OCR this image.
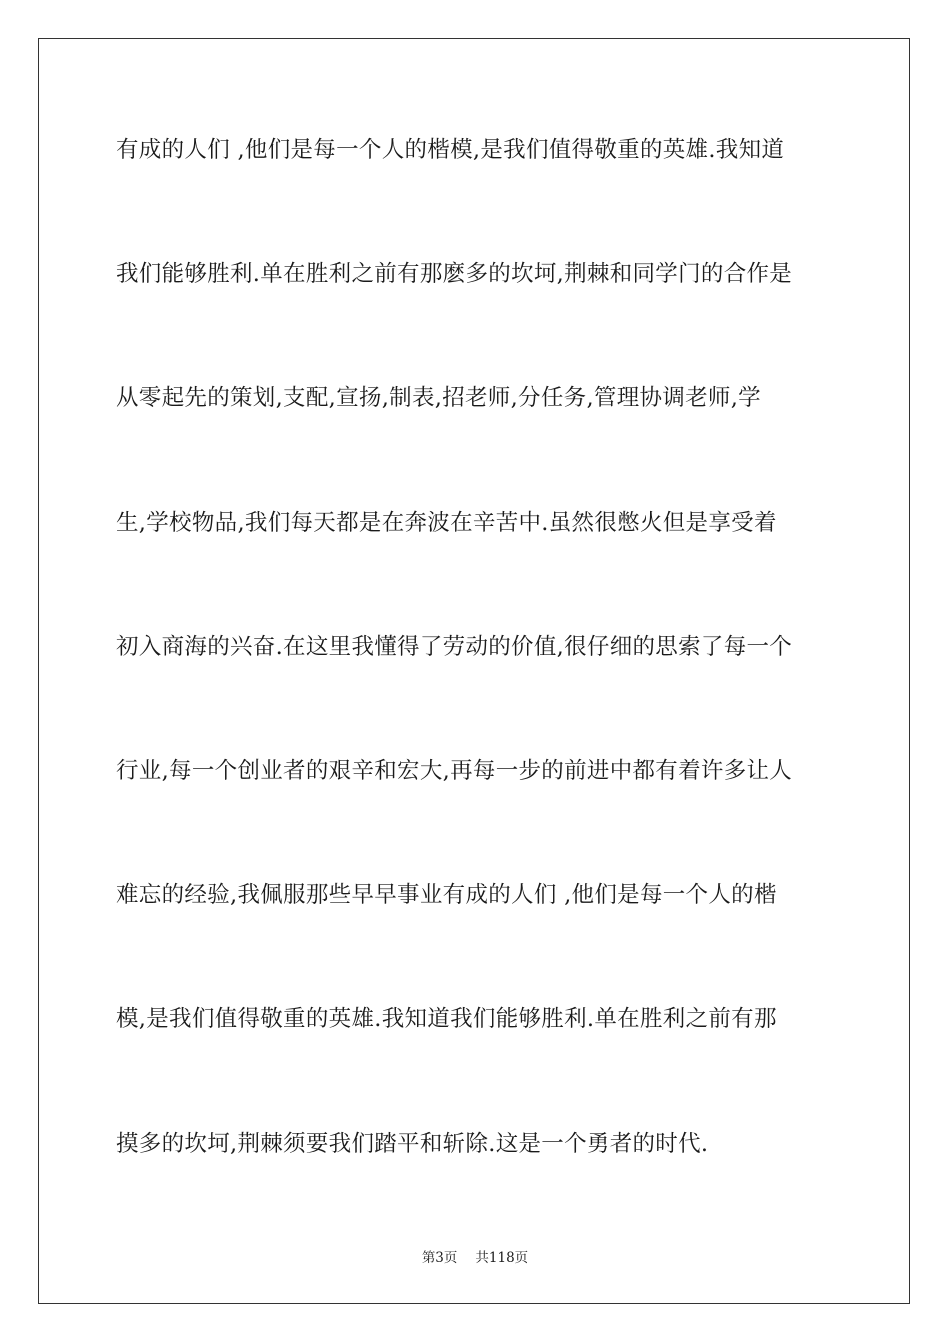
有成的人们 ,他们是每一个人的楷模,是我们值得敬重的英雄.我知道
我们能够胜利.单在胜利之前有那麽多的坎坷,荆棘和同学门的合作是
从零起先的策划,支配,宣扬,制表,招老师,分任务,管理协调老师,学
生,学校物品,我们每天都是在奔波在辛苦中.虽然很憋火但是享受着
初入商海的兴奋.在这里我懂得了劳动的价值,很仔细的思索了每一个
行业,每一个创业者的艰辛和宏大,再每一步的前进中都有着许多让人
难忘的经验,我佩服那些早早事业有成的人们 ,他们是每一个人的楷
模,是我们值得敬重的英雄.我知道我们能够胜利.单在胜利之前有那
摸多的坎坷,荆棘须要我们踏平和斩除.这是一个勇者的时代.
第3页 共118页
